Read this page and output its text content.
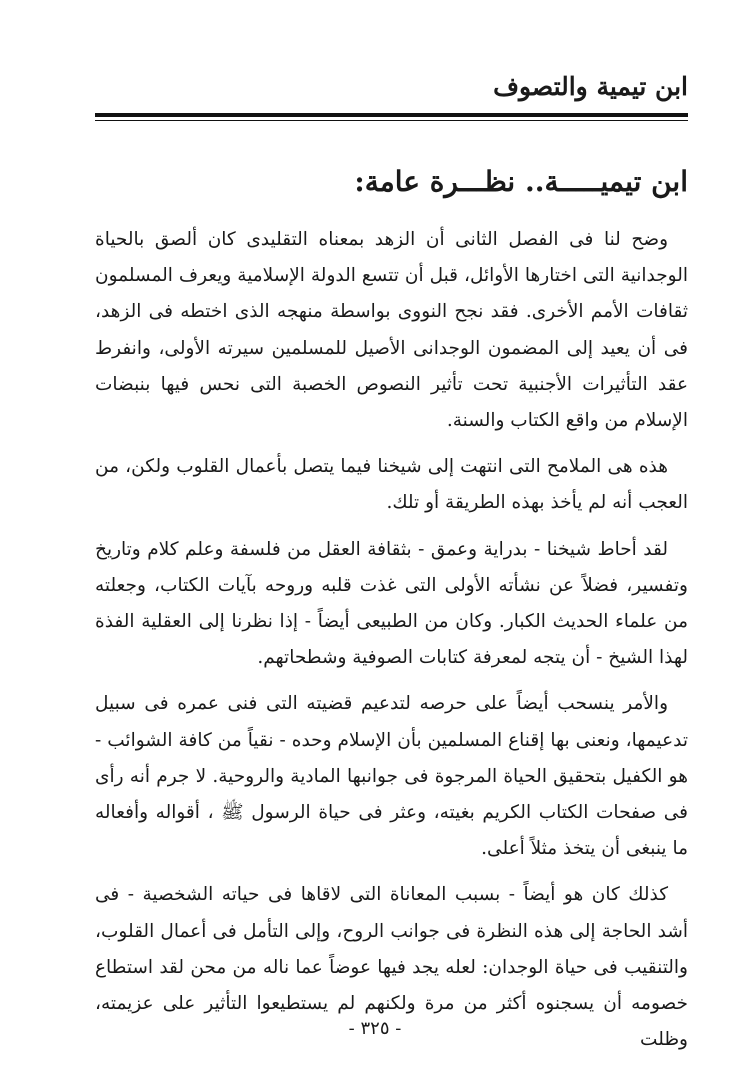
ابن تيمية والتصوف
ابن تيميـــــة.. نظـــرة عامة:

وضح لنا فى الفصل الثانى أن الزهد بمعناه التقليدى كان ألصق بالحياة الوجدانية التى اختارها الأوائل، قبل أن تتسع الدولة الإسلامية ويعرف المسلمون ثقافات الأمم الأخرى. فقد نجح النووى بواسطة منهجه الذى اختطه فى الزهد، فى أن يعيد إلى المضمون الوجدانى الأصيل للمسلمين سيرته الأولى، وانفرط عقد التأثيرات الأجنبية تحت تأثير النصوص الخصبة التى نحس فيها بنبضات الإسلام من واقع الكتاب والسنة.

هذه هى الملامح التى انتهت إلى شيخنا فيما يتصل بأعمال القلوب ولكن، من العجب أنه لم يأخذ بهذه الطريقة أو تلك.

لقد أحاط شيخنا - بدراية وعمق - بثقافة العقل من فلسفة وعلم كلام وتاريخ وتفسير، فضلاً عن نشأته الأولى التى غذت قلبه وروحه بآيات الكتاب، وجعلته من علماء الحديث الكبار. وكان من الطبيعى أيضاً - إذا نظرنا إلى العقلية الفذة لهذا الشيخ - أن يتجه لمعرفة كتابات الصوفية وشطحاتهم.

والأمر ينسحب أيضاً على حرصه لتدعيم قضيته التى فنى عمره فى سبيل تدعيمها، ونعنى بها إقناع المسلمين بأن الإسلام وحده - نقياً من كافة الشوائب - هو الكفيل بتحقيق الحياة المرجوة فى جوانبها المادية والروحية. لا جرم أنه رأى فى صفحات الكتاب الكريم بغيته، وعثر فى حياة الرسول ﷺ ، أقواله وأفعاله ما ينبغى أن يتخذ مثلاً أعلى.

كذلك كان هو أيضاً - بسبب المعاناة التى لاقاها فى حياته الشخصية - فى أشد الحاجة إلى هذه النظرة فى جوانب الروح، وإلى التأمل فى أعمال القلوب، والتنقيب فى حياة الوجدان: لعله يجد فيها عوضاً عما ناله من محن لقد استطاع خصومه أن يسجنوه أكثر من مرة ولكنهم لم يستطيعوا التأثير على عزيمته، وظلت

- ٣٢٥ -
